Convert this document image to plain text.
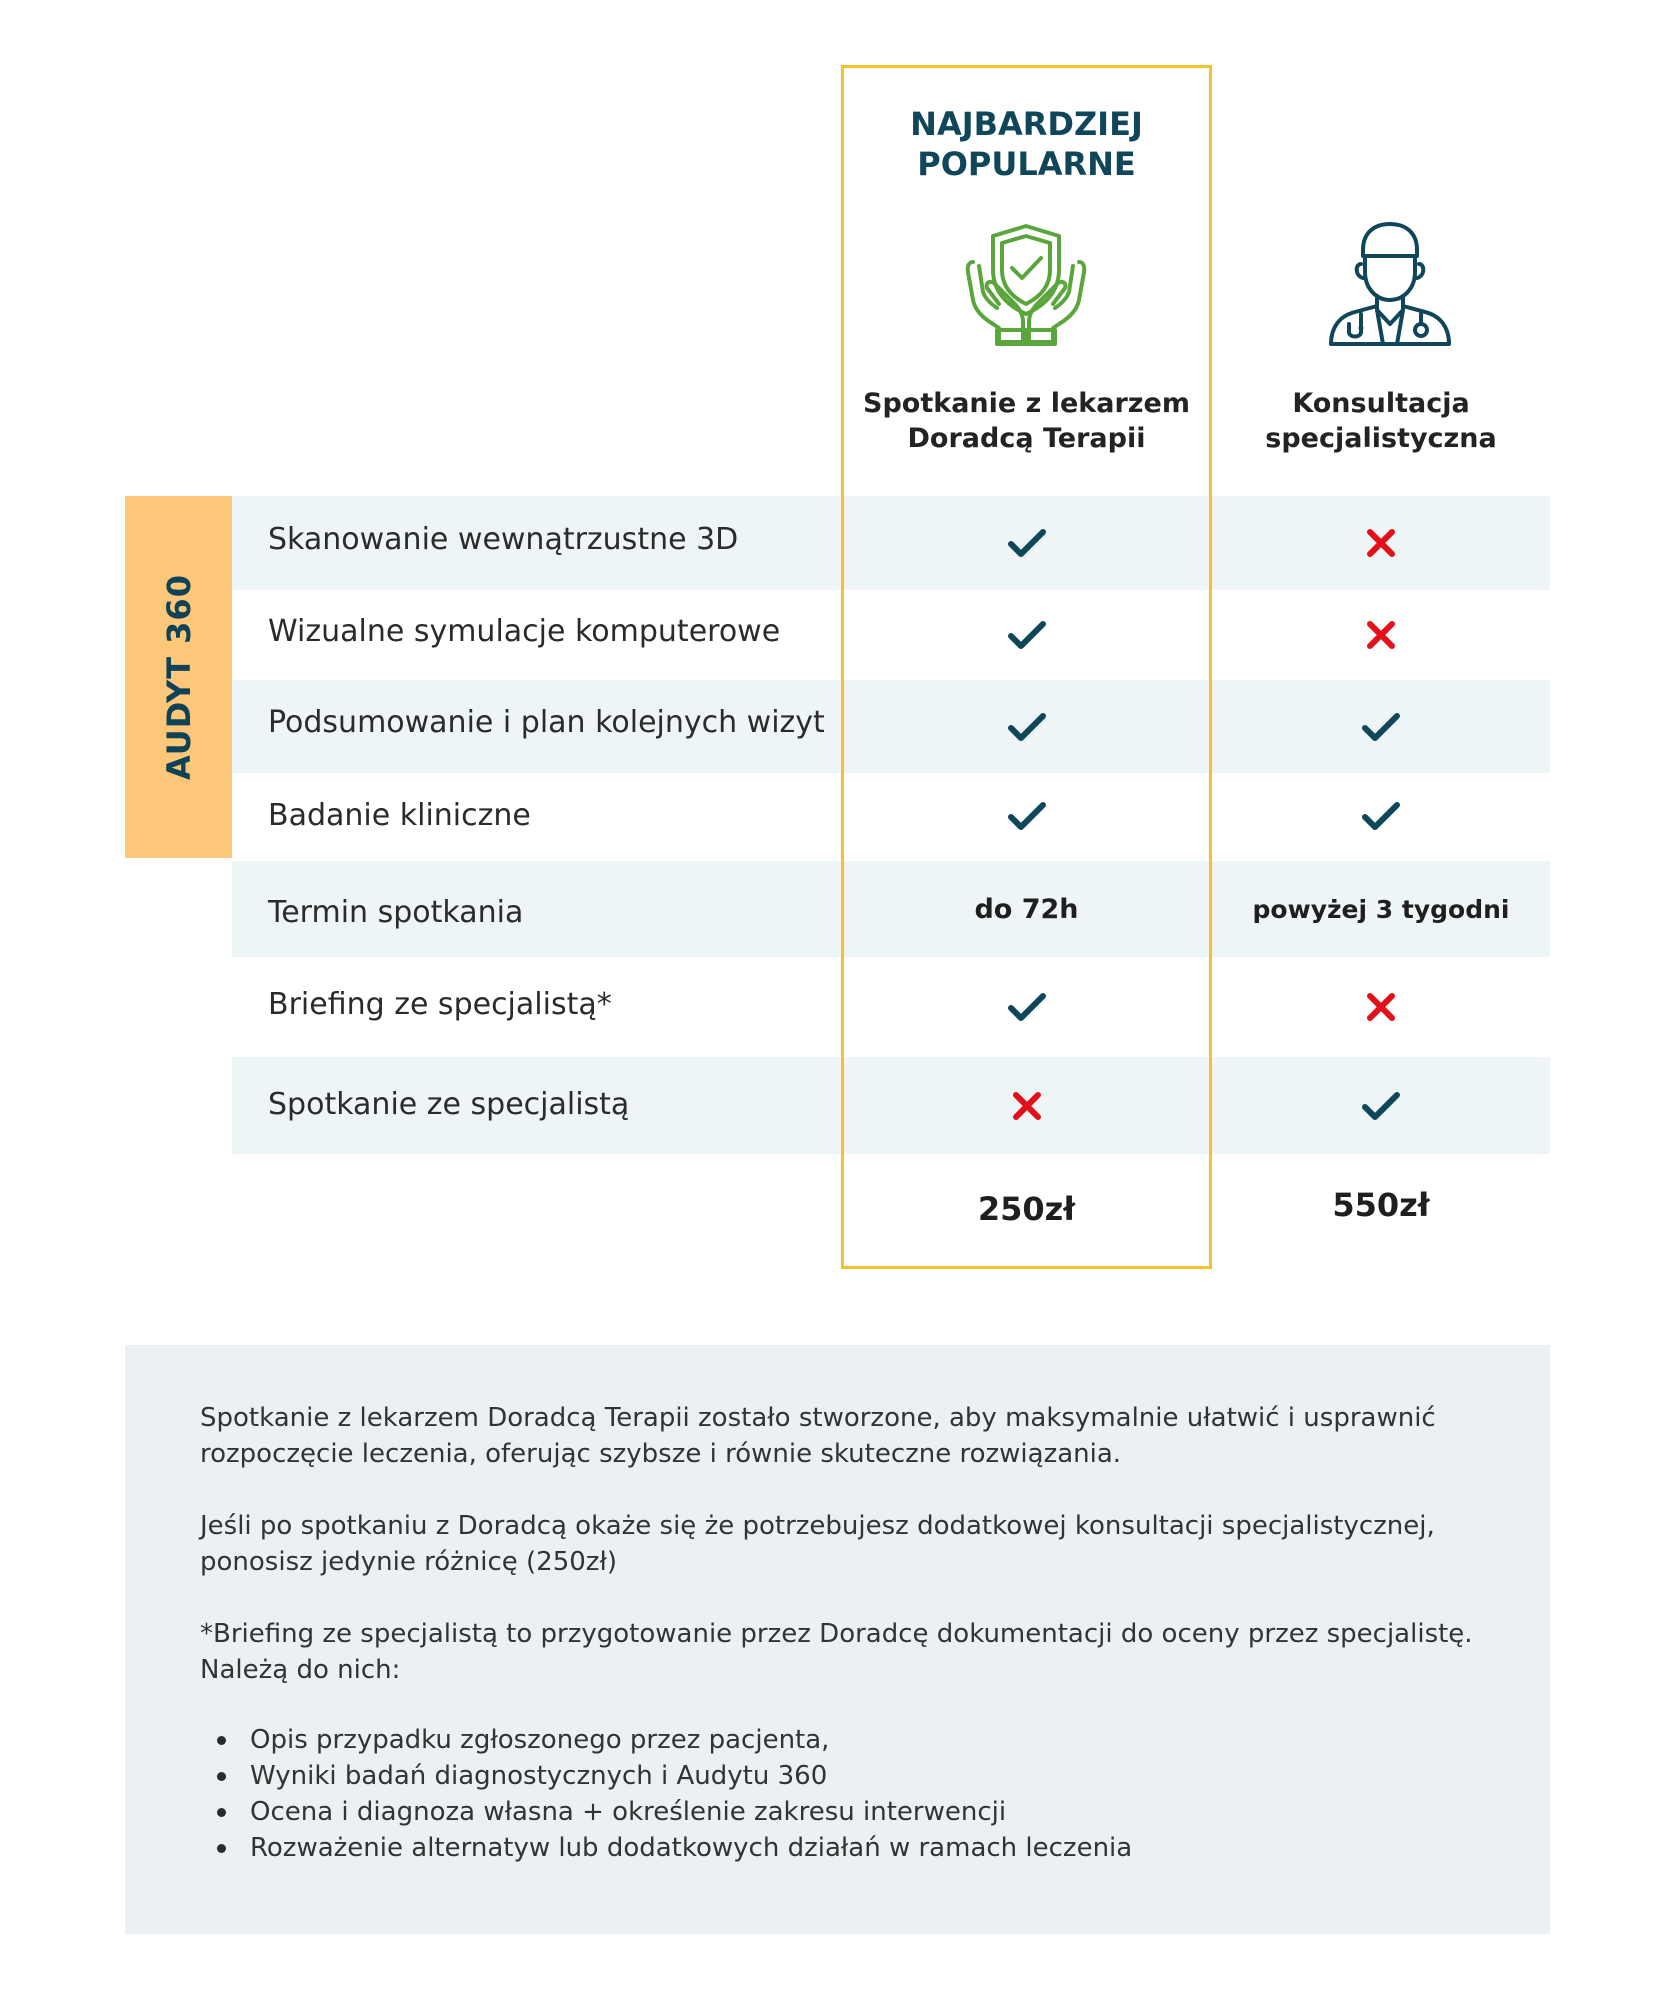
Skanowanie wewnątrzustne 3D
Wizualne symulacje komputerowe
Podsumowanie i plan kolejnych wizyt
Badanie kliniczne
Termin spotkania
Briefing ze specjalistą*
Spotkanie ze specjalistą
AUDYT 360
NAJBARDZIEJ
POPULARNE
Spotkanie z lekarzem
Doradcą Terapii
Konsultacja
specjalistyczna
do 72h	powyżej 3 tygodni
250zł	550zł

Spotkanie z lekarzem Doradcą Terapii zostało stworzone, aby maksymalnie ułatwić i usprawnić rozpoczęcie leczenia, oferując szybsze i równie skuteczne rozwiązania.

Jeśli po spotkaniu z Doradcą okaże się że potrzebujesz dodatkowej konsultacji specjalistycznej, ponosisz jedynie różnicę (250zł)

*Briefing ze specjalistą to przygotowanie przez Doradcę dokumentacji do oceny przez specjalistę. Należą do nich:

Opis przypadku zgłoszonego przez pacjenta,
Wyniki badań diagnostycznych i Audytu 360
Ocena i diagnoza własna + określenie zakresu interwencji
Rozważenie alternatyw lub dodatkowych działań w ramach leczenia
